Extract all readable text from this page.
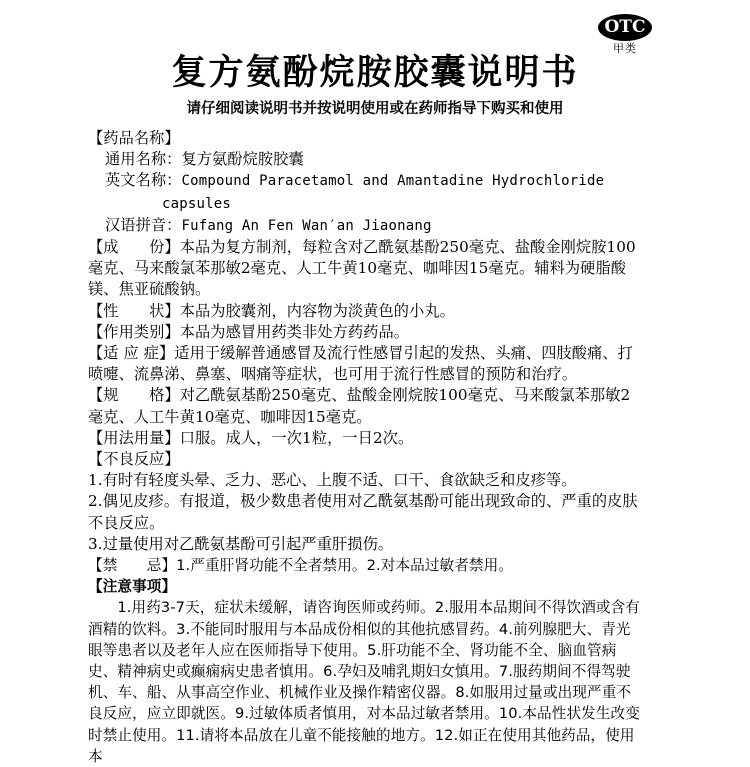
OTC
甲类
复方氨酚烷胺胶囊说明书
请仔细阅读说明书并按说明使用或在药师指导下购买和使用
【药品名称】
通用名称：复方氨酚烷胺胶囊
英文名称：Compound Paracetamol and Amantadine Hydrochloride
capsules
汉语拼音：Fufang An Fen Wan′an Jiaonang
【成　　份】本品为复方制剂，每粒含对乙酰氨基酚250毫克、盐酸金刚烷胺100毫克、马来酸氯苯那敏2毫克、人工牛黄10毫克、咖啡因15毫克。辅料为硬脂酸镁、焦亚硫酸钠。
【性　　状】本品为胶囊剂，内容物为淡黄色的小丸。
【作用类别】本品为感冒用药类非处方药药品。
【适 应 症】适用于缓解普通感冒及流行性感冒引起的发热、头痛、四肢酸痛、打喷嚏、流鼻涕、鼻塞、咽痛等症状，也可用于流行性感冒的预防和治疗。
【规　　格】对乙酰氨基酚250毫克、盐酸金刚烷胺100毫克、马来酸氯苯那敏2毫克、人工牛黄10毫克、咖啡因15毫克。
【用法用量】口服。成人，一次1粒，一日2次。
【不良反应】
1.有时有轻度头晕、乏力、恶心、上腹不适、口干、食欲缺乏和皮疹等。
2.偶见皮疹。有报道，极少数患者使用对乙酰氨基酚可能出现致命的、严重的皮肤不良反应。
3.过量使用对乙酰氨基酚可引起严重肝损伤。
【禁　　忌】1.严重肝肾功能不全者禁用。2.对本品过敏者禁用。
【注意事项】
　　1.用药3-7天，症状未缓解，请咨询医师或药师。2.服用本品期间不得饮酒或含有酒精的饮料。3.不能同时服用与本品成份相似的其他抗感冒药。4.前列腺肥大、青光眼等患者以及老年人应在医师指导下使用。5.肝功能不全、肾功能不全、脑血管病史、精神病史或癫痫病史患者慎用。6.孕妇及哺乳期妇女慎用。7.服药期间不得驾驶机、车、船、从事高空作业、机械作业及操作精密仪器。8.如服用过量或出现严重不良反应，应立即就医。9.过敏体质者慎用，对本品过敏者禁用。10.本品性状发生改变时禁止使用。11.请将本品放在儿童不能接触的地方。12.如正在使用其他药品，使用本
